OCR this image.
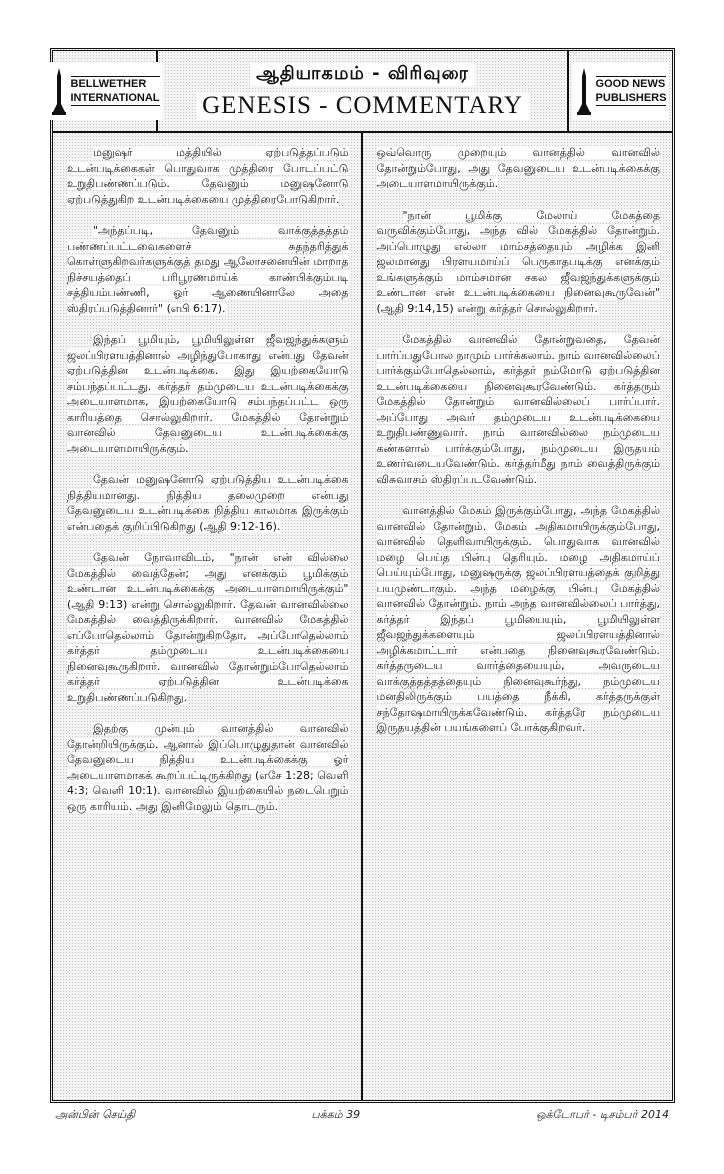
BELLWETHER
INTERNATIONAL
ஆதியாகமம் - விரிவுரை
GENESIS - COMMENTARY
GOOD NEWS
PUBLISHERS

மனுஷர் மத்தியில் ஏற்படுத்தப்படும் உடன்படிக்கைகள் பொதுவாக முத்திரை போடப்பட்டு உறுதிபண்ணப்படும். தேவனும் மனுஷனோடு ஏற்படுத்துகிற உடன்படிக்கையை முத்திரைபோடுகிறார்.

"அந்தப்படி, தேவனும் வாக்குத்தத்தம் பண்ணப்பட்டவைகளைச் சுதந்தரித்துக் கொள்ளுகிறவர்களுக்குத் தமது ஆலோசனையின் மாறாத நிச்சயத்தைப் பரிபூரணமாய்க் காண்பிக்கும்படி சத்தியம்பண்ணி, ஓர் ஆணையினாலே அதை ஸ்திரப்படுத்தினார்" (எபி 6:17).

இந்தப் பூமியும், பூமியிலுள்ள ஜீவஜந்துக்களும் ஜலப்பிரளயத்தினால் அழிந்துபோகாது என்பது தேவன் ஏற்படுத்தின உடன்படிக்கை. இது இயற்கையோடு சம்பந்தப்பட்டது. கர்த்தர் தம்முடைய உடன்படிக்கைக்கு அடையாளமாக, இயற்கையோடு சம்பந்தப்பட்ட ஒரு காரியத்தை சொல்லுகிறார். மேகத்தில் தோன்றும் வானவில் தேவனுடைய உடன்படிக்கைக்கு அடையாளமாயிருக்கும்.

தேவன் மனுஷனோடு ஏற்படுத்திய உடன்படிக்கை நித்தியமானது. நித்திய தலைமுறை என்பது தேவனுடைய உடன்படிக்கை நித்திய காலமாக இருக்கும் என்பதைக் குறிப்பிடுகிறது (ஆதி 9:12-16).

தேவன் நோவாவிடம், "நான் என் வில்லை மேகத்தில் வைத்தேன்; அது எனக்கும் பூமிக்கும் உண்டான உடன்படிக்கைக்கு அடையாளமாயிருக்கும்" (ஆதி 9:13) என்று சொல்லுகிறார். தேவன் வானவில்லை மேகத்தில் வைத்திருக்கிறார். வானவில் மேகத்தில் எப்போதெல்லாம் தோன்றுகிறதோ, அப்போதெல்லாம் கர்த்தர் தம்முடைய உடன்படிக்கையை நினைவுகூருகிறார். வானவில் தோன்றும்போதெல்லாம் கர்த்தர் ஏற்படுத்தின உடன்படிக்கை உறுதிபண்ணப்படுகிறது.

இதற்கு முன்பும் வானத்தில் வானவில் தோன்றியிருக்கும். ஆனால் இப்பொழுதுதான் வானவில் தேவனுடைய நித்திய உடன்படிக்கைக்கு ஓர் அடையாளமாகக் கூறப்பட்டிருக்கிறது (எசே 1:28; வெளி 4:3; வெளி 10:1). வானவில் இயற்கையில் நடைபெறும் ஒரு காரியம். அது இனிமேலும் தொடரும்.

ஒவ்வொரு முறையும் வானத்தில் வானவில் தோன்றும்போது, அது தேவனுடைய உடன்படிக்கைக்கு அடையாளமாயிருக்கும்.

"நான் பூமிக்கு மேலாய் மேகத்தை வருவிக்கும்போது, அந்த வில் மேகத்தில் தோன்றும். அப்பொழுது எல்லா மாம்சத்தையும் அழிக்க இனி ஜலமானது பிரளயமாய்ப் பெருகாதபடிக்கு எனக்கும் உங்களுக்கும் மாம்சமான சகல ஜீவஜந்துக்களுக்கும் உண்டான என் உடன்படிக்கையை நினைவுகூருவேன்" (ஆதி 9:14,15) என்று கர்த்தர் சொல்லுகிறார்.

மேகத்தில் வானவில் தோன்றுவதை, தேவன் பார்ப்பதுபோல நாமும் பார்க்கலாம். நாம் வானவில்லைப் பார்க்கும்போதெல்லாம், கர்த்தர் நம்மோடு ஏற்படுத்தின உடன்படிக்கையை நினைவுகூரவேண்டும். கர்த்தரும் மேகத்தில் தோன்றும் வானவில்லைப் பார்ப்பார். அப்போது அவர் தம்முடைய உடன்படிக்கையை உறுதிபண்ணுவார். நாம் வானவில்லை நம்முடைய கண்களால் பார்க்கும்போது, நம்முடைய இருதயம் உணர்வடையவேண்டும். கர்த்தர்மீது நாம் வைத்திருக்கும் விசுவாசம் ஸ்திரப்படவேண்டும்.

வானத்தில் மேகம் இருக்கும்போது, அந்த மேகத்தில் வானவில் தோன்றும். மேகம் அதிகமாயிருக்கும்போது, வானவில் தெளிவாயிருக்கும். பொதுவாக வானவில் மழை பெய்த பின்பு தெரியும். மழை அதிகமாய்ப் பெய்யும்போது, மனுஷருக்கு ஜலப்பிரளயத்தைக் குறித்து பயமுண்டாகும். அந்த மழைக்கு பின்பு மேகத்தில் வானவில் தோன்றும். நாம் அந்த வானவில்லைப் பார்த்து, கர்த்தர் இந்தப் பூமியையும், பூமியிலுள்ள ஜீவஜந்துக்களையும் ஜலப்பிரளயத்தினால் அழிக்கமாட்டார் என்பதை நினைவுகூரவேண்டும். கர்த்தருடைய வார்த்தையையும், அவருடைய வாக்குத்தத்தத்தையும் நினைவுகூர்ந்து, நம்முடைய மனதிலிருக்கும் பயத்தை நீக்கி, கர்த்தருக்குள் சந்தோஷமாயிருக்கவேண்டும். கர்த்தரே நம்முடைய இருதயத்தின் பயங்களைப் போக்குகிறவர்.

அன்பின் செய்தி	பக்கம் 39	ஒக்டோபர் - டிசம்பர் 2014
